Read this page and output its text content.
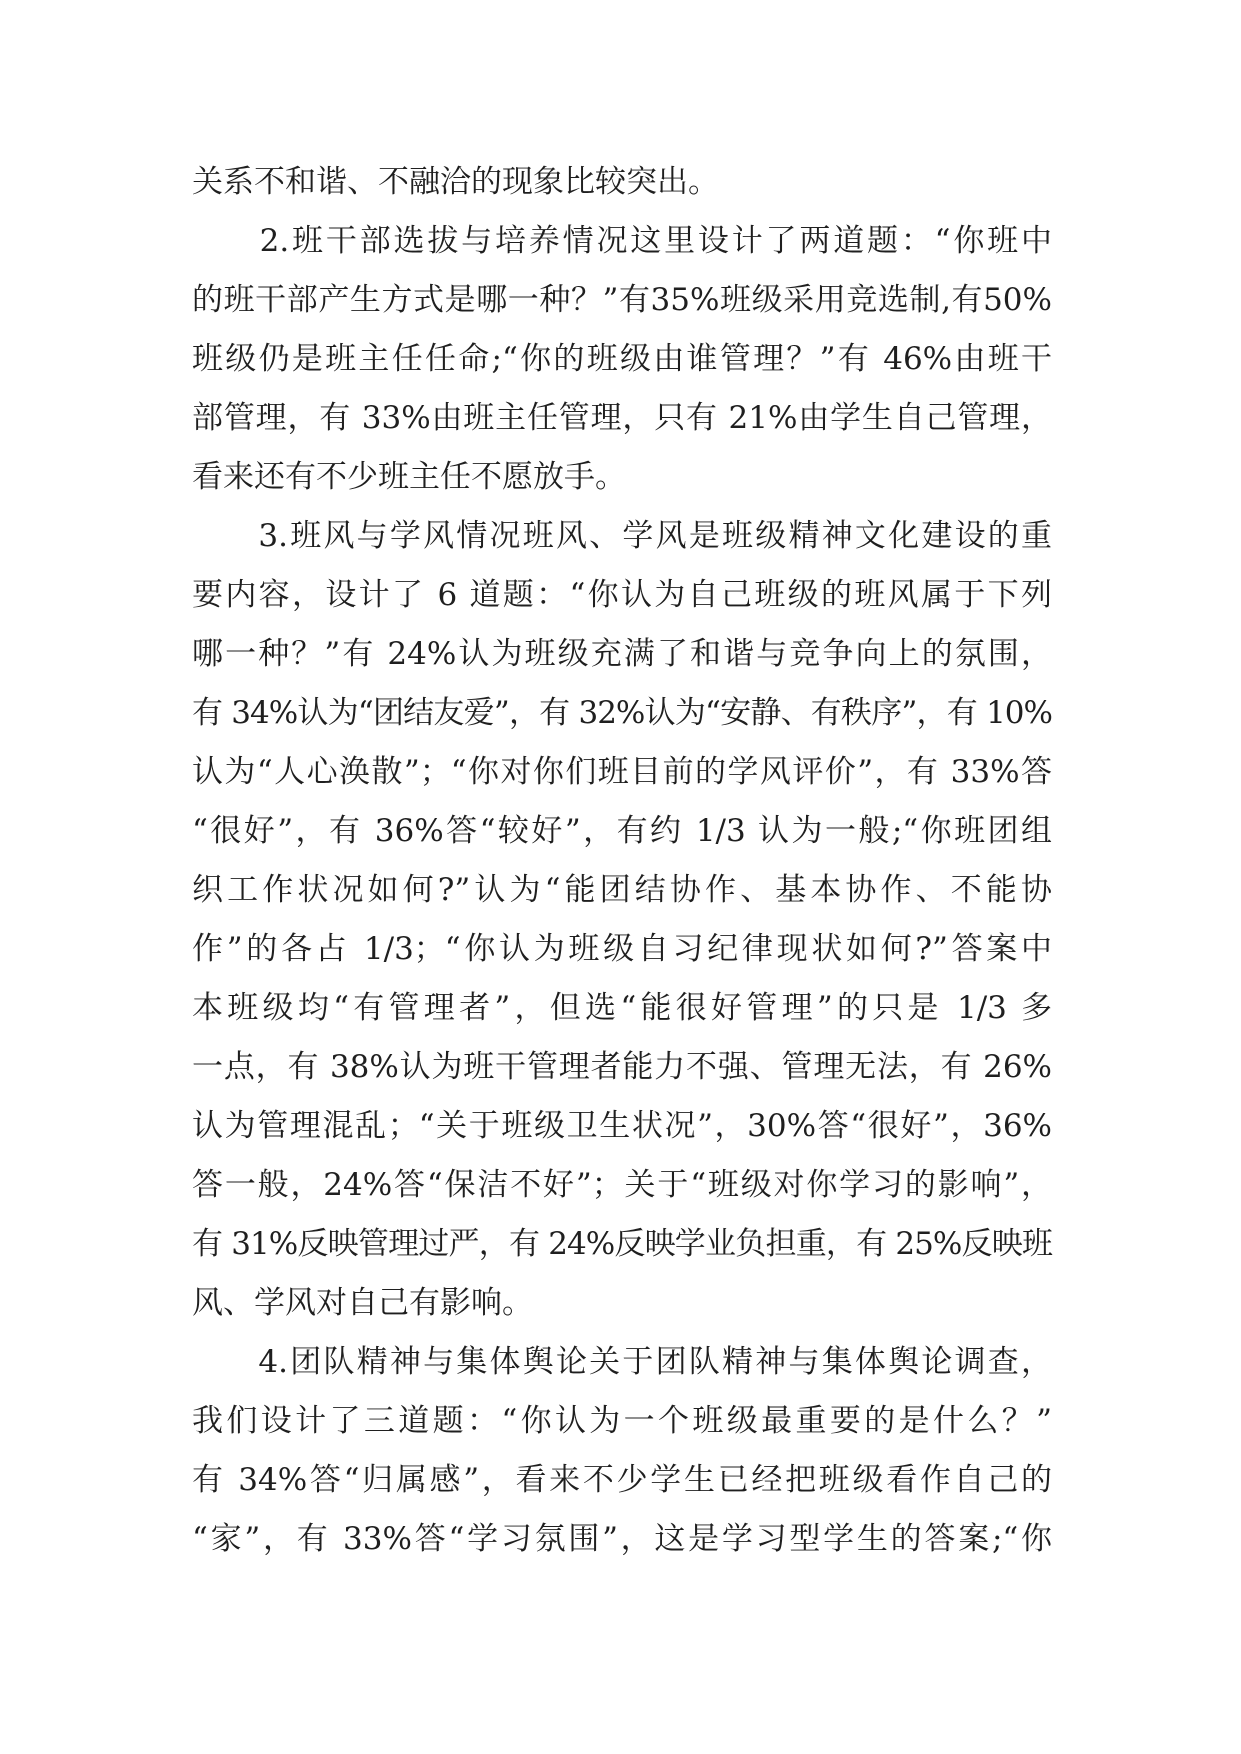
关系不和谐、不融洽的现象比较突出。
　　2.班干部选拔与培养情况这里设计了两道题：“你班中
的班干部产生方式是哪一种？”有35%班级采用竞选制,有50%
班级仍是班主任任命;“你的班级由谁管理？”有 46%由班干
部管理，有 33%由班主任管理，只有 21%由学生自己管理，
看来还有不少班主任不愿放手。
　　3.班风与学风情况班风、学风是班级精神文化建设的重
要内容，设计了 6 道题：“你认为自己班级的班风属于下列
哪一种？”有 24%认为班级充满了和谐与竞争向上的氛围，
有 34%认为“团结友爱”，有 32%认为“安静、有秩序”，有 10%
认为“人心涣散”；“你对你们班目前的学风评价”，有 33%答
“很好”，有 36%答“较好”，有约 1/3 认为一般;“你班团组
织工作状况如何?”认为“能团结协作、基本协作、不能协
作”的各占 1/3；“你认为班级自习纪律现状如何?”答案中
本班级均“有管理者”，但选“能很好管理”的只是 1/3 多
一点，有 38%认为班干管理者能力不强、管理无法，有 26%
认为管理混乱；“关于班级卫生状况”，30%答“很好”，36%
答一般，24%答“保洁不好”；关于“班级对你学习的影响”，
有 31%反映管理过严，有 24%反映学业负担重，有 25%反映班
风、学风对自己有影响。
　　4.团队精神与集体舆论关于团队精神与集体舆论调查，
我们设计了三道题：“你认为一个班级最重要的是什么？”
有 34%答“归属感”，看来不少学生已经把班级看作自己的
“家”，有 33%答“学习氛围”，这是学习型学生的答案;“你
